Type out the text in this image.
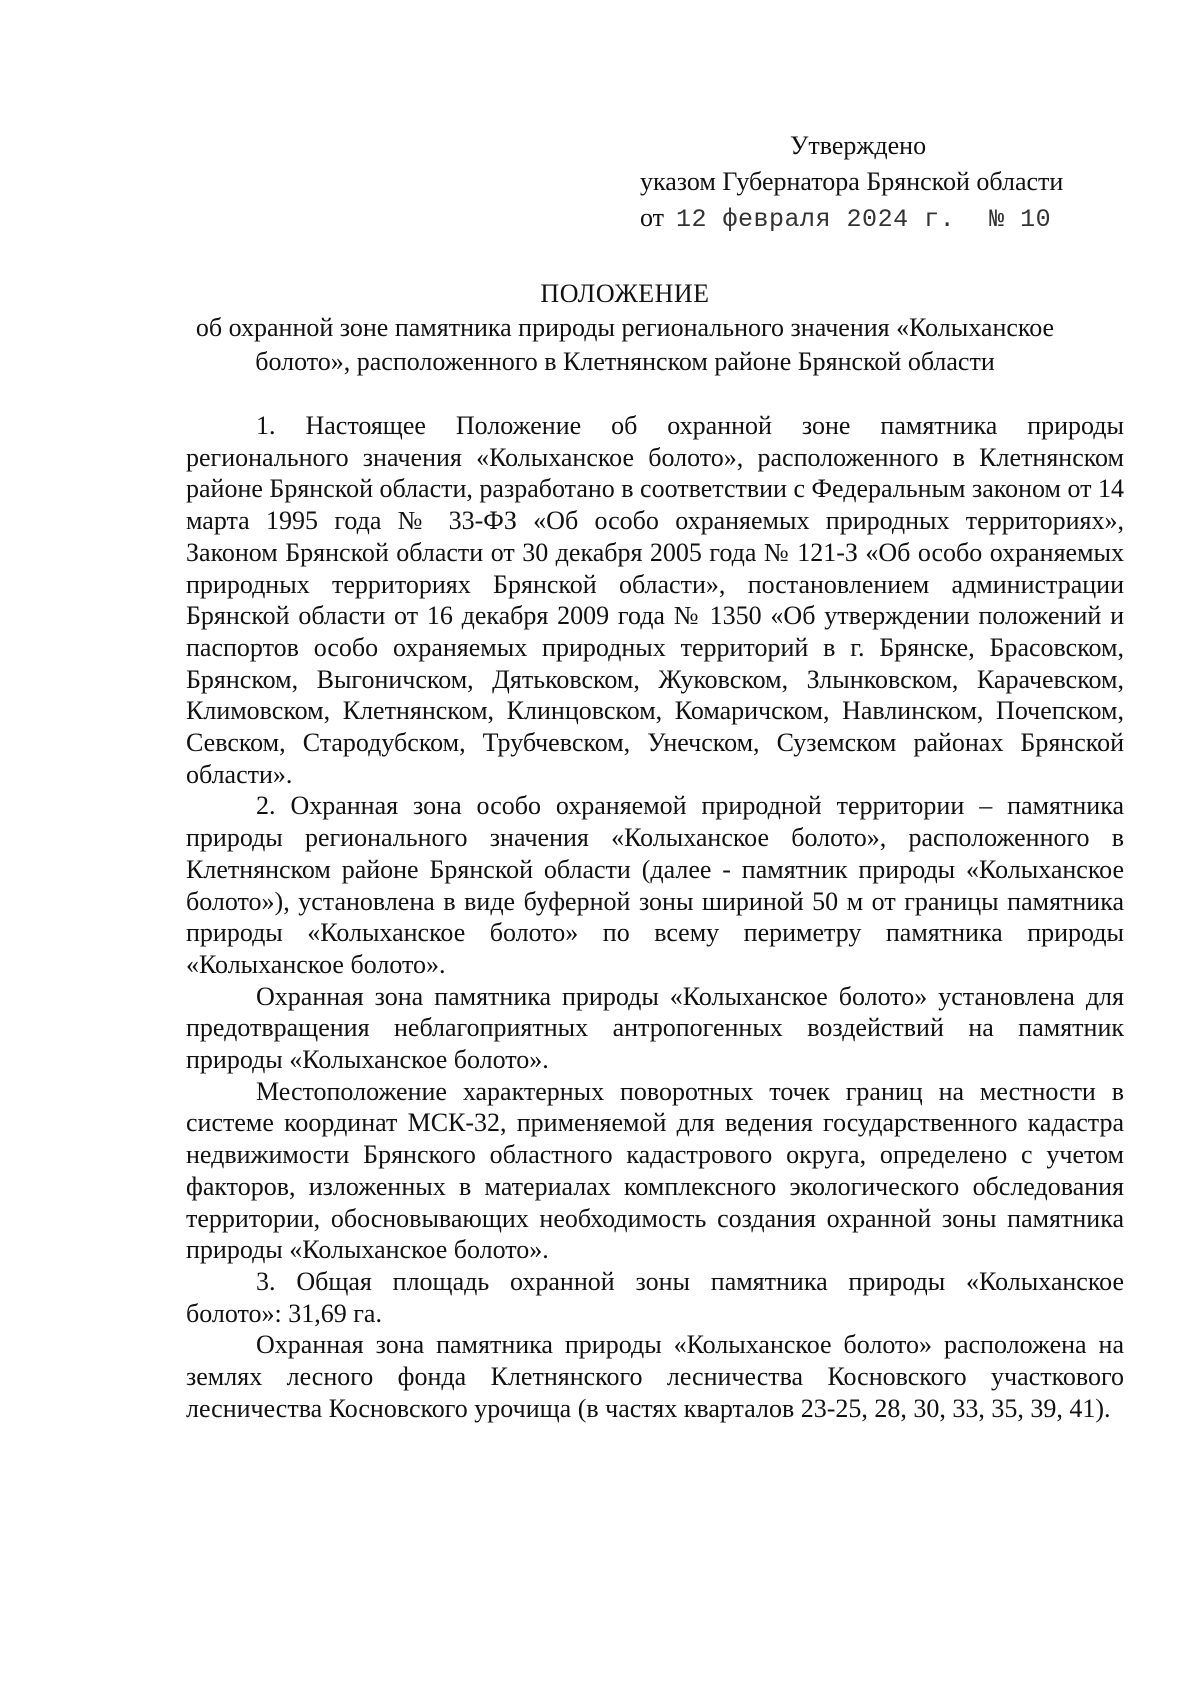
Утверждено
указом Губернатора Брянской области
от 12 февраля 2024 г. № 10
ПОЛОЖЕНИЕ
об охранной зоне памятника природы регионального значения «Колыханское
болото», расположенного в Клетнянском районе Брянской области

1. Настоящее Положение об охранной зоне памятника природы регионального значения «Колыханское болото», расположенного в Клетнянском районе Брянской области, разработано в соответствии с Федеральным законом от 14 марта 1995 года № 33-ФЗ «Об особо охраняемых природных территориях», Законом Брянской области от 30 декабря 2005 года № 121-З «Об особо охраняемых природных территориях Брянской области», постановлением администрации Брянской области от 16 декабря 2009 года № 1350 «Об утверждении положений и паспортов особо охраняемых природных территорий в г. Брянске, Брасовском, Брянском, Выгоничском, Дятьковском, Жуковском, Злынковском, Карачевском, Климовском, Клетнянском, Клинцовском, Комаричском, Навлинском, Почепском, Севском, Стародубском, Трубчевском, Унечском, Суземском районах Брянской области».

2. Охранная зона особо охраняемой природной территории – памятника природы регионального значения «Колыханское болото», расположенного в Клетнянском районе Брянской области (далее - памятник природы «Колыханское болото»), установлена в виде буферной зоны шириной 50 м от границы памятника природы «Колыханское болото» по всему периметру памятника природы «Колыханское болото».

Охранная зона памятника природы «Колыханское болото» установлена для предотвращения неблагоприятных антропогенных воздействий на памятник природы «Колыханское болото».

Местоположение характерных поворотных точек границ на местности в системе координат МСК-32, применяемой для ведения государственного кадастра недвижимости Брянского областного кадастрового округа, определено с учетом факторов, изложенных в материалах комплексного экологического обследования территории, обосновывающих необходимость создания охранной зоны памятника природы «Колыханское болото».

3. Общая площадь охранной зоны памятника природы «Колыханское болото»: 31,69 га.

Охранная зона памятника природы «Колыханское болото» расположена на землях лесного фонда Клетнянского лесничества Косновского участкового лесничества Косновского урочища (в частях кварталов 23-25, 28, 30, 33, 35, 39, 41).
